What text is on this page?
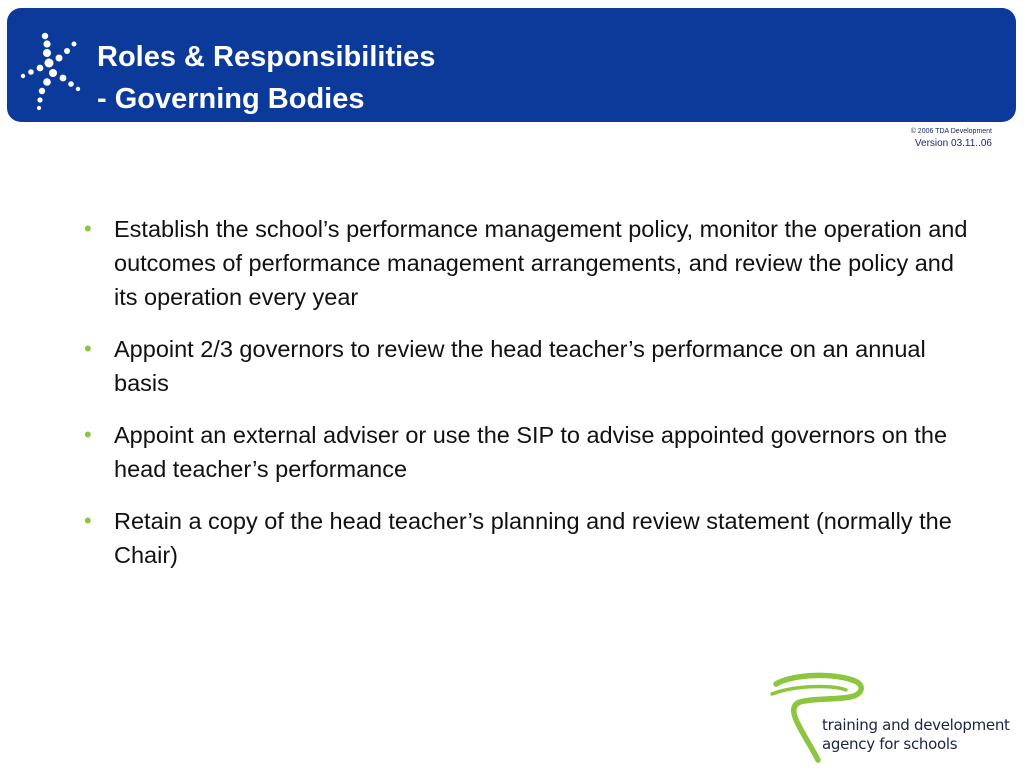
Roles & Responsibilities
- Governing Bodies
© 2006 TDA Development
Version 03.11..06
• Establish the school’s performance management policy, monitor the operation and outcomes of performance management arrangements, and review the policy and its operation every year
• Appoint 2/3 governors to review the head teacher’s performance on an annual basis
• Appoint an external adviser or use the SIP to advise appointed governors on the head teacher’s performance
• Retain a copy of the head teacher’s planning and review statement (normally the Chair)
training and development
agency for schools
